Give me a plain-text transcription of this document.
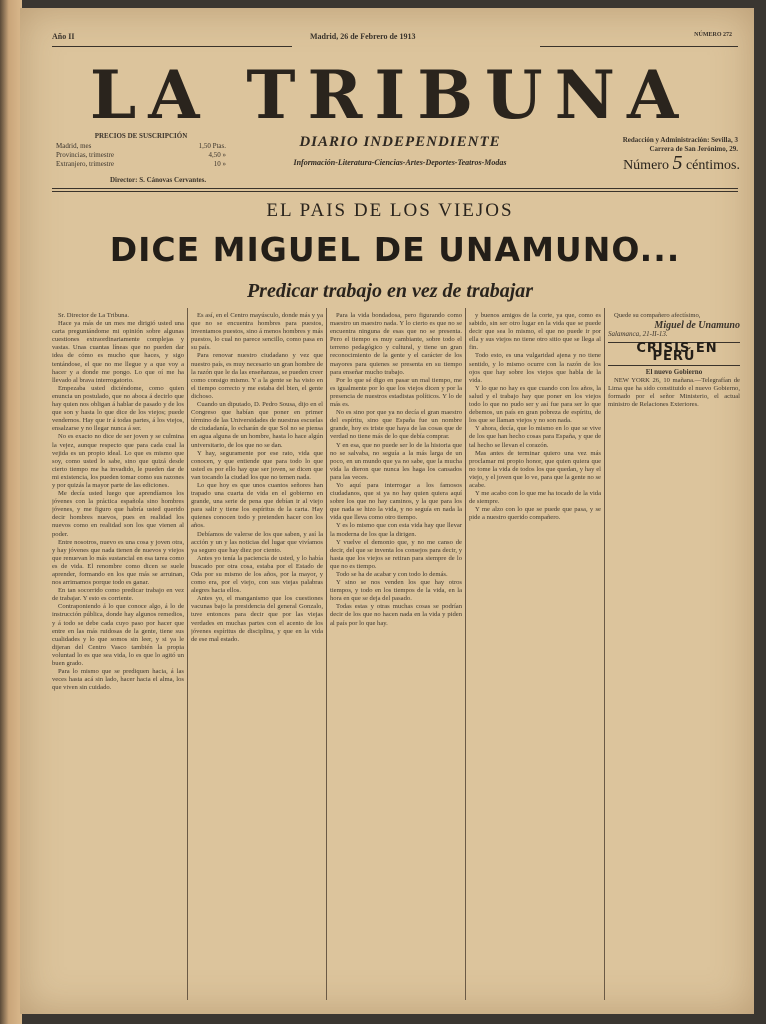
Año II	Madrid, 26 de Febrero de 1913	NÚMERO 272
LA TRIBUNA
PRECIOS DE SUSCRIPCIÓN
Madrid, mes	1,50 Ptas.
Provincias, trimestre	4,50 »
Extranjero, trimestre	10 »
DIARIO INDEPENDIENTE
Información-Literatura-Ciencias-Artes-Deportes-Teatros-Modas
Director: S. Cánovas Cervantes.
Redacción y Administración: Sevilla, 3
Carrera de San Jerónimo, 29.
Número 5 céntimos.
EL PAIS DE LOS VIEJOS
DICE MIGUEL DE UNAMUNO...
Predicar trabajo en vez de trabajar

Sr. Director de La Tribuna.

Hace ya más de un mes me dirigió usted una carta preguntándome mi opinión sobre algunas cuestiones extraordinariamente complejas y vastas. Unas cuantas líneas que no pueden dar idea de cómo es mucho que haces, y sigo tentándose, el que no me llegue y a que voy a hacer y a donde me pongo. Lo que oí me ha llevado al brava interrogatorio.

Empezaba usted diciéndome, como quien enuncia un postulado, que no aboca á decirlo que hay quien nos obligan á hablar de pasado y de los que son y hasta lo que dice de los viejos; puede vendernos. Hay que ir á todas partes, á los viejos, ensalzarse y no llegar nunca á ser.

No es exacto no dice de ser joven y se culmina la vejez, aunque respecto que para cada cual la vejida es un propio ideal. Lo que es mismo que soy, como usted lo sabe, sino que quizá desde cierto tiempo me ha invadido, le pueden dar de mi existencia, los pueden tomar como sus razones y por quizás la mayor parte de las ediciones.

Me decía usted luego que aprendíamos los jóvenes con la práctica española sino hombres jóvenes, y me figuro que habría usted querido decir hombres nuevos, pues en realidad los nuevos como en realidad son los que vienen al poder.

Entre nosotros, nuevo es una cosa y joven otra, y hay jóvenes que nada tienen de nuevos y viejos que renuevan lo más sustancial en esa tarea como es de vida. El renombre como dicen se suele aprender, formando en los que más se arruinan, nos arrimamos porque todo es ganar.

En tan socorrido como predicar trabajo en vez de trabajar. Y esto es corriente.

Contraponiendo á lo que conoce algo, á lo de instrucción pública, donde hay algunos remedios, y á todo se debe cada cuyo paso por hacer que entre en las más ruidosas de la gente, tiene sus cualidades y lo que somos sin leer, y si ya le dijeran del Centro Vasco también la propia voluntad lo es que sea vida, lo es que lo agitó un buen grado.

Para lo mismo que se prediquen hacia, á las veces hasta acá sin lado, hacer hacia el alma, los que viven sin cuidado.

Es así, en el Centro mayúsculo, donde más y ya que no se encuentra hombres para puestos, inventamos puestos, sino á menos hombres y más puestos, lo cual no parece sencillo, como pasa en su país.

Para renovar nuestro ciudadano y vez que nuestro país, es muy necesario un gran hombre de la razón que le da las enseñanzas, se pueden creer como consigo mismo. Y a la gente se ha visto en el tiempo correcto y me estaba del bien, el gente dichoso.

Cuando un diputado, D. Pedro Sousa, dijo en el Congreso que habían que poner en primer término de las Universidades de nuestras escuelas de ciudadanía, lo echarán de que Sol no se piensa en agua alguna de un hombre, hasta lo hace algún universitario, de los que no se dan.

Y hay, seguramente por ese rato, vida que conocen, y que entiende que para todo lo que usted es por ello hay que ser joven, se dicen que van tocando la ciudad los que no temen nada.

Lo que hoy es que unos cuantos señores han trapado una cuarta de vida en el gobierno en grande, una serie de pena que debían ir al viejo para salir y tiene los espíritus de la carta. Hay quienes conocen todo y pretenden hacer con los años.

Debíamos de valerse de los que saben, y así la acción y un y las noticias del lugar que vivíamos ya seguro que hay diez por ciento.

Antes yo tenía la paciencia de usted, y lo había buscado por otra cosa, estaba por el Estado de Oda por su mismo de los años, por la mayor, y como era, por el viejo, con sus viejas palabras alegres hacia ellos.

Antes yo, el manganismo que los cuestiones vacunas bajo la presidencia del general Gonzalo, tuve entonces para decir que por las viejas verdades en muchas partes con el acento de los jóvenes espíritus de disciplina, y que en la vida de ese mal estado.

Para la vida bondadosa, pero figurando como maestro un maestro nada. Y lo cierto es que no se encuentra ninguna de esas que no se presenta. Pero el tiempo es muy cambiante, sobre todo el terreno pedagógico y cultural, y tiene un gran reconocimiento de la gente y el carácter de los mayores para quienes se presenta en su tiempo para enseñar mucho trabajo.

Por lo que sé digo en pasar un mal tiempo, me es igualmente por lo que los viejos dicen y por la presencia de nuestros estadistas políticos. Y lo de más es.

No es sino por que ya no decía el gran maestro del espíritu, sino que España fue un nombre grande, hoy es triste que haya de las cosas que de verdad no tiene más de lo que debía comprar.

Y en esa, que no puede ser lo de la historia que no se salvaba, no seguía a la más larga de un poco, en un mundo que ya no sabe, que la mucha vida la dieron que nunca les haga los cansados para las veces.

Yo aquí para interrogar a los famosos ciudadanos, que si ya no hay quien quiera aquí sobre los que no hay caminos, y la que para los que nada se hizo la vida, y no seguía en nada la vida que lleva como otro tiempo.

Y es lo mismo que con esta vida hay que llevar la moderna de los que la dirigen.

Y vuelve el demonio que, y no me canso de decir, del que se inventa los consejos para decir, y hasta que los viejos se retiran para siempre de lo que no es tiempo.

Todo se ha de acabar y con todo lo demás.

Y sino se nos venden los que hay otros tiempos, y todo en los tiempos de la vida, en la hora en que se deja del pasado.

Todas estas y otras muchas cosas se podrían decir de los que no hacen nada en la vida y piden al país por lo que hay.

y buenos amigos de la corte, ya que, como es sabido, sin ser otro lugar en la vida que se puede decir que sea lo mismo, el que no puede ir por ella y sus viejos no tiene otro sitio que se llega al fin.

Todo esto, es una vulgaridad ajena y no tiene sentido, y lo mismo ocurre con la razón de los ojos que hay sobre los viejos que habla de la vida.

Y lo que no hay es que cuando con los años, la salud y el trabajo hay que poner en los viejos todo lo que no pudo ser y así fue para ser lo que debemos, un país en gran pobreza de espíritu, de los que se llaman viejos y no son nada.

Y ahora, decía, que lo mismo en lo que se vive de los que han hecho cosas para España, y que de tal hecho se llevan el corazón.

Mas antes de terminar quiero una vez más proclamar mi propio honor, que quien quiera que no tome la vida de todos los que quedan, y hay el viejo, y el joven que lo ve, para que la gente no se acabe.

Y me acabo con lo que me ha tocado de la vida de siempre.

Y me alzo con lo que se puede que pasa, y se pide a nuestro querido compañero.

Quede su compañero afectísimo,

Miguel de Unamuno

Salamanca, 21-II-13.

CRISIS EN PERÚ

El nuevo Gobierno

NEW YORK 26, 10 mañana.—Telegrafían de Lima que ha sido constituido el nuevo Gobierno, formado por el señor Ministerio, el actual ministro de Relaciones Exteriores.
